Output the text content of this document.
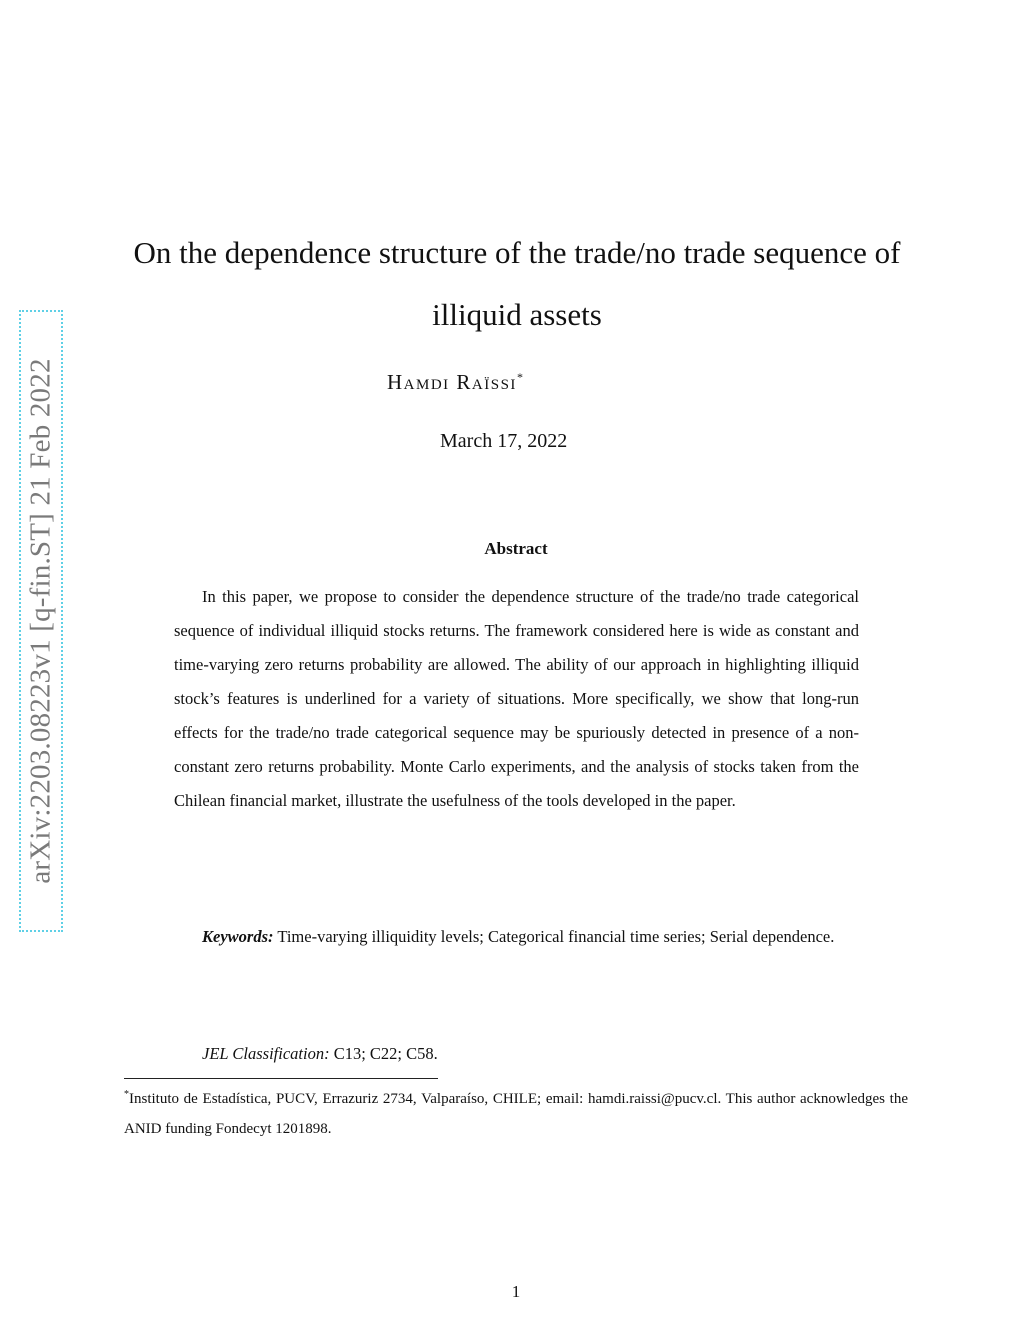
arXiv:2203.08223v1 [q-fin.ST] 21 Feb 2022
On the dependence structure of the trade/no trade sequence of illiquid assets
Hamdi Raïssi*
March 17, 2022
Abstract

In this paper, we propose to consider the dependence structure of the trade/no trade categorical sequence of individual illiquid stocks returns. The framework considered here is wide as constant and time-varying zero returns probability are allowed. The ability of our approach in highlighting illiquid stock’s features is underlined for a variety of situations. More specifically, we show that long-run effects for the trade/no trade categorical sequence may be spuriously detected in presence of a non-constant zero returns probability. Monte Carlo experiments, and the analysis of stocks taken from the Chilean financial market, illustrate the usefulness of the tools developed in the paper.

Keywords: Time-varying illiquidity levels; Categorical financial time series; Serial dependence.

JEL Classification: C13; C22; C58.

*Instituto de Estadística, PUCV, Errazuriz 2734, Valparaíso, CHILE; email: hamdi.raissi@pucv.cl. This author acknowledges the ANID funding Fondecyt 1201898.

1
